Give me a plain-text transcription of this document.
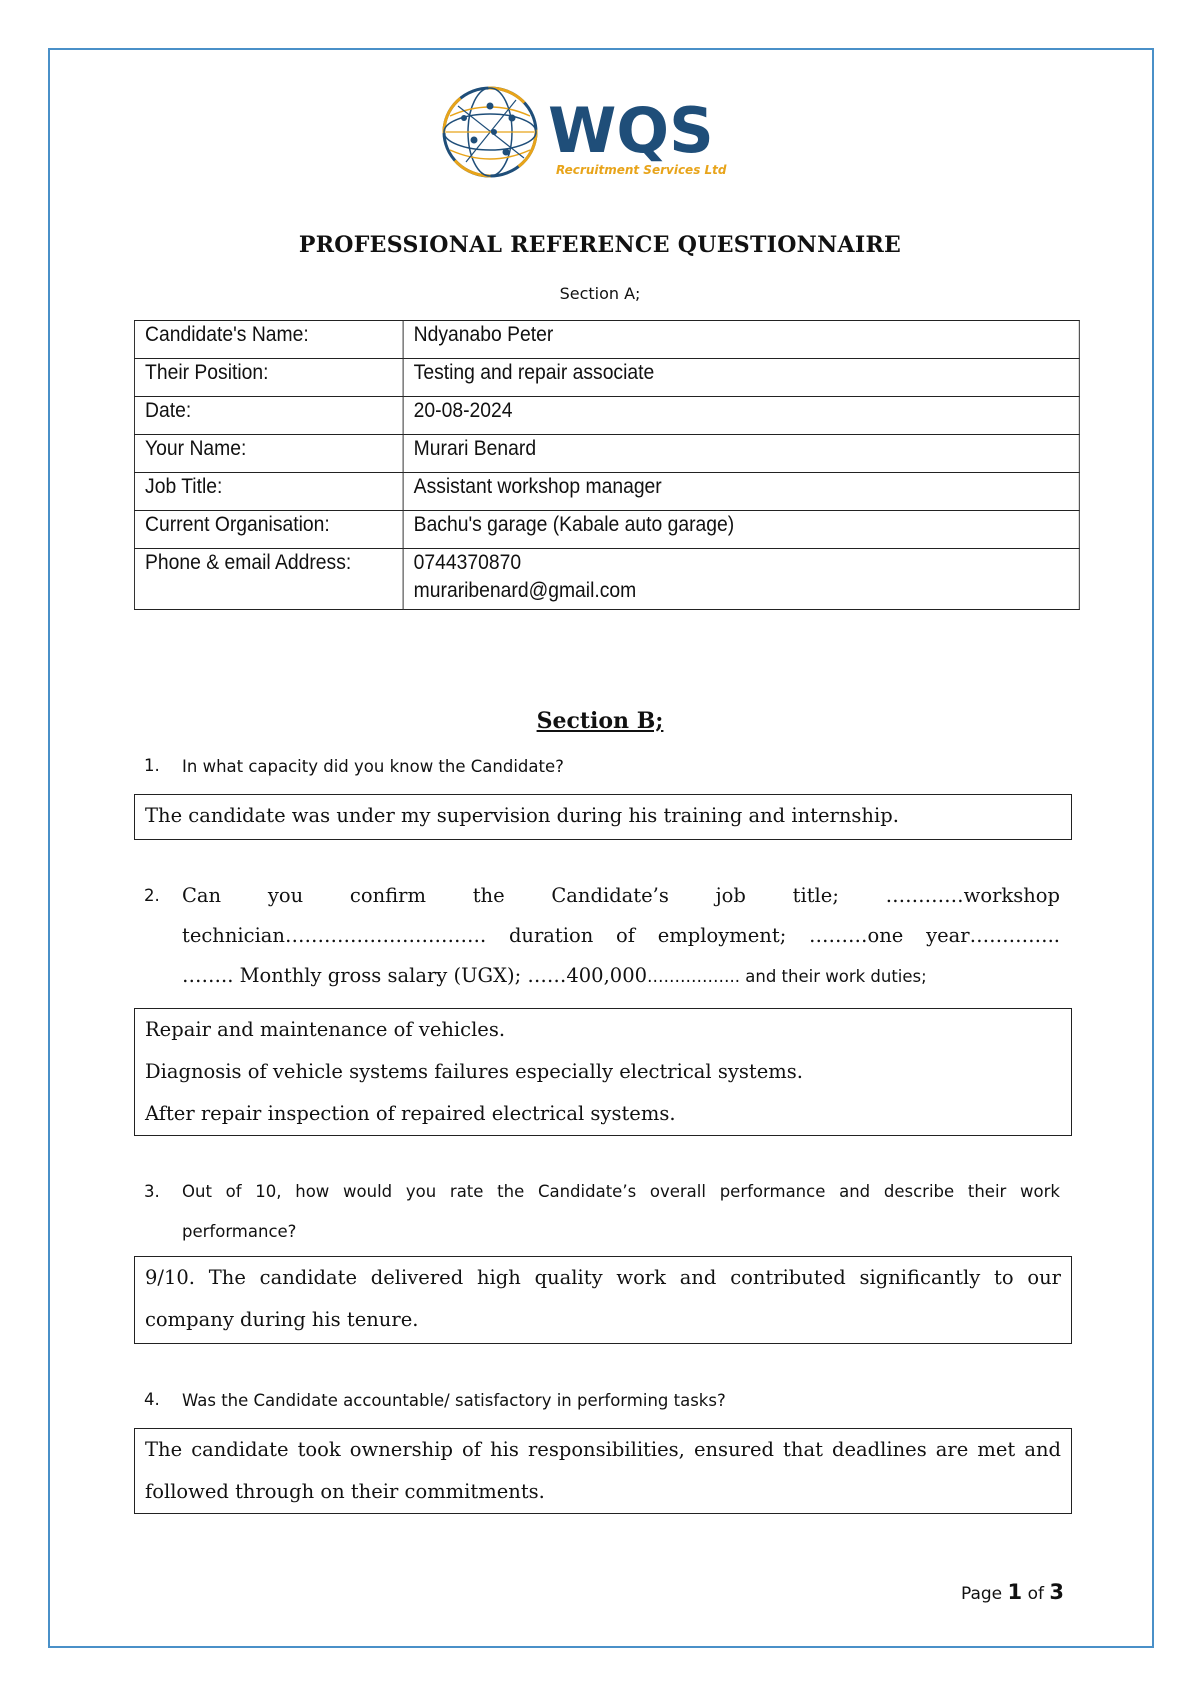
WQS
Recruitment Services Ltd
PROFESSIONAL REFERENCE QUESTIONNAIRE
Section A;
Candidate's Name:	Ndyanabo Peter
Their Position:	Testing and repair associate
Date:	20-08-2024
Your Name:	Murari Benard
Job Title:	Assistant workshop manager
Current Organisation:	Bachu's garage (Kabale auto garage)
Phone & email Address:	0744370870
muraribenard@gmail.com
Section B;
1. In what capacity did you know the Candidate?
The candidate was under my supervision during his training and internship.
2. Can you confirm the Candidate’s job title; …………workshop
technician…………………………. duration of employment; ………one year…………..
…….. Monthly gross salary (UGX); ……400,000…………….. and their work duties;
Repair and maintenance of vehicles.
Diagnosis of vehicle systems failures especially electrical systems.
After repair inspection of repaired electrical systems.
3. Out of 10, how would you rate the Candidate’s overall performance and describe their work performance?
9/10. The candidate delivered high quality work and contributed significantly to our company during his tenure.
4. Was the Candidate accountable/ satisfactory in performing tasks?
The candidate took ownership of his responsibilities, ensured that deadlines are met and
followed through on their commitments.
Page 1 of 3
